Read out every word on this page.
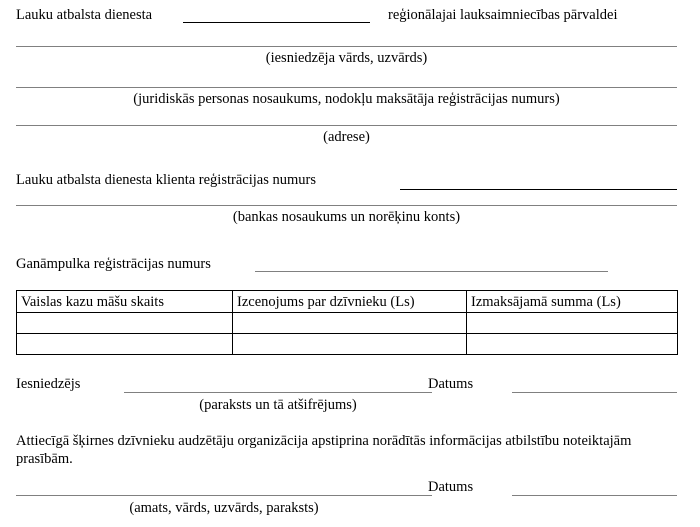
Lauku atbalsta dienesta	reģionālajai lauksaimniecības pārvaldei
(iesniedzēja vārds, uzvārds)
(juridiskās personas nosaukums, nodokļu maksātāja reģistrācijas numurs)
(adrese)
Lauku atbalsta dienesta klienta reģistrācijas numurs
(bankas nosaukums un norēķinu konts)
Ganāmpulka reģistrācijas numurs
Vaislas kazu māšu skaits	Izcenojums par dzīvnieku (Ls)	Izmaksājamā summa (Ls)

Iesniedzējs	Datums
(paraksts un tā atšifrējums)
Attiecīgā šķirnes dzīvnieku audzētāju organizācija apstiprina norādītās informācijas atbilstību noteiktajām prasībām.
Datums
(amats, vārds, uzvārds, paraksts)
